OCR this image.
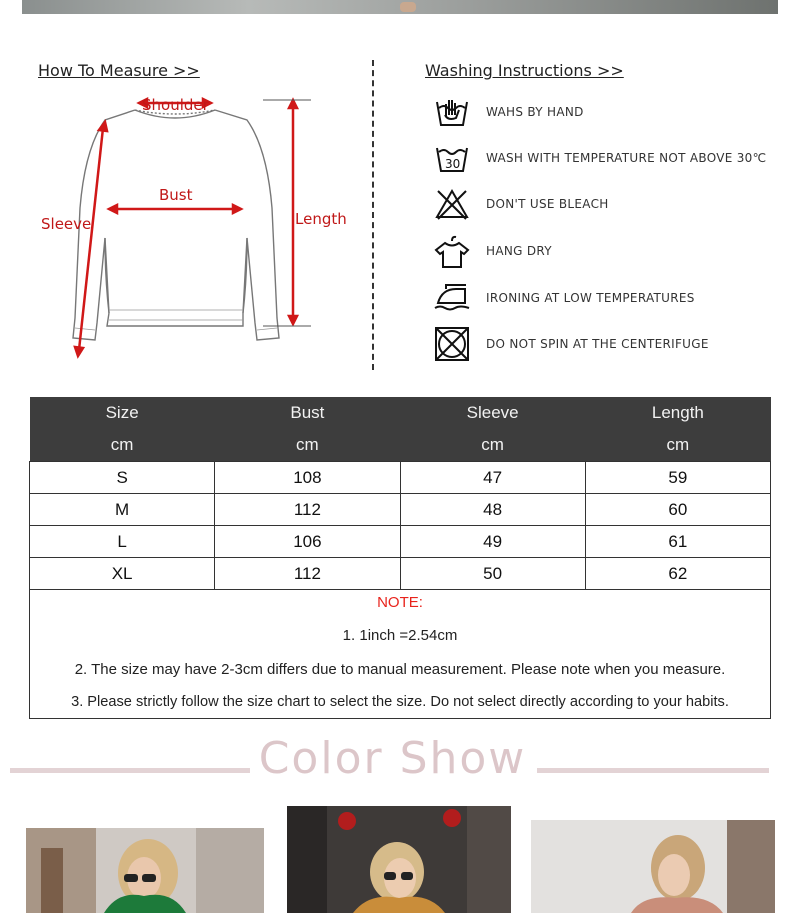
How To Measure >>
Shoulder
Bust
Sleeve	Length
Washing Instructions >>
WAHS BY HAND
30 WASH WITH TEMPERATURE NOT ABOVE 30℃
DON'T USE BLEACH
HANG DRY
IRONING AT LOW TEMPERATURES
DO NOT SPIN AT THE CENTERIFUGE
Size	Bust	Sleeve	Length
cm	cm	cm	cm
S	108	47	59
M	112	48	60
L	106	49	61
XL	112	50	62
NOTE:
1. 1inch =2.54cm
2. The size may have 2-3cm differs due to manual measurement. Please note when you measure.
3. Please strictly follow the size chart to select the size. Do not select directly according to your habits.
Color Show
